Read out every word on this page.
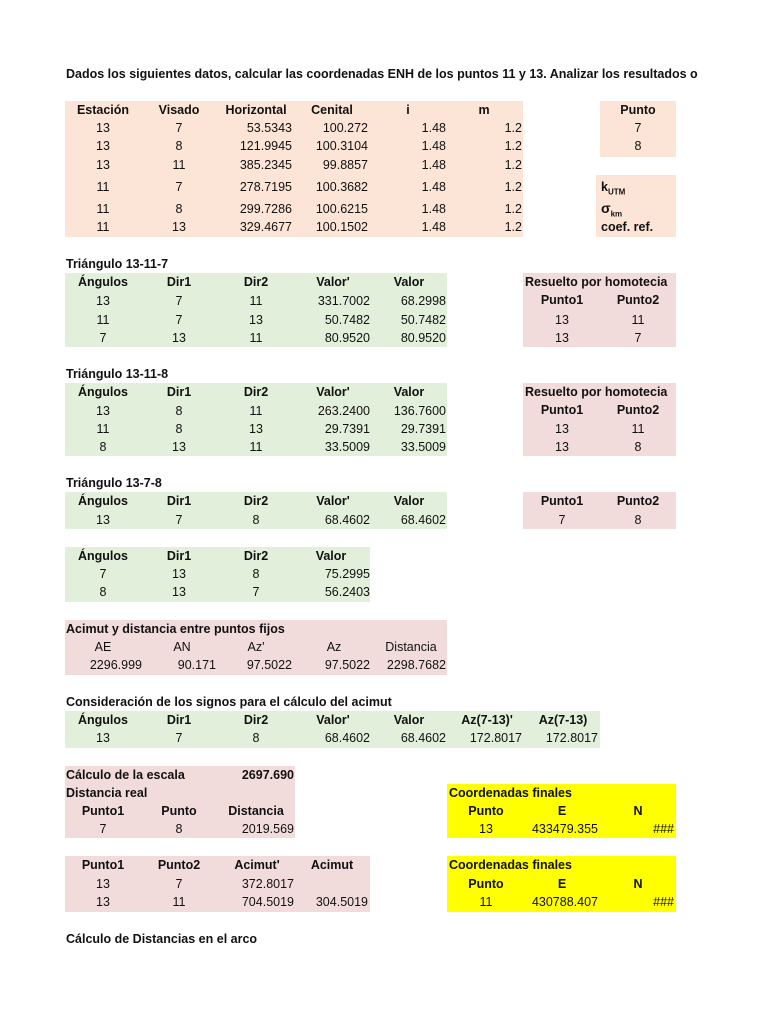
Dados los siguientes datos, calcular las coordenadas ENH de los puntos 11 y 13. Analizar los resultados o
Estación	Visado	Horizontal	Cenital	i	m
13	7	53.5343	100.272	1.48	1.2
13	8	121.9945	100.3104	1.48	1.2
13	11	385.2345	99.8857	1.48	1.2
11	7	278.7195	100.3682	1.48	1.2
11	8	299.7286	100.6215	1.48	1.2
11	13	329.4677	100.1502	1.48	1.2
Punto
7
8
$k_{UTM}$
$\sigma_{km}$
coef. ref.
Triángulo 13-11-7
Ángulos	Dir1	Dir2	Valor'	Valor
13	7	11	331.7002	68.2998
11	7	13	50.7482	50.7482
7	13	11	80.9520	80.9520
Resuelto por homotecia
Punto1	Punto2
13	11
13	7
Triángulo 13-11-8
Ángulos	Dir1	Dir2	Valor'	Valor
13	8	11	263.2400	136.7600
11	8	13	29.7391	29.7391
8	13	11	33.5009	33.5009
Resuelto por homotecia
Punto1	Punto2
13	11
13	8
Triángulo 13-7-8
Ángulos	Dir1	Dir2	Valor'	Valor
13	7	8	68.4602	68.4602
Punto1	Punto2
7	8
Ángulos	Dir1	Dir2	Valor
7	13	8	75.2995
8	13	7	56.2403
Acimut y distancia entre puntos fijos
AE	AN	Az'	Az	Distancia
2296.999	90.171	97.5022	97.5022	2298.7682
Consideración de los signos para el cálculo del acimut
Ángulos	Dir1	Dir2	Valor'	Valor	Az(7-13)'	Az(7-13)
13	7	8	68.4602	68.4602	172.8017	172.8017
Cálculo de la escala	2697.690
Distancia real
Punto1	Punto	Distancia
7	8	2019.569
Coordenadas finales
Punto	E	N
13	433479.355	###
Punto1	Punto2	Acimut'	Acimut
13	7	372.8017
13	11	704.5019	304.5019
Coordenadas finales
Punto	E	N
11	430788.407	###
Cálculo de Distancias en el arco
